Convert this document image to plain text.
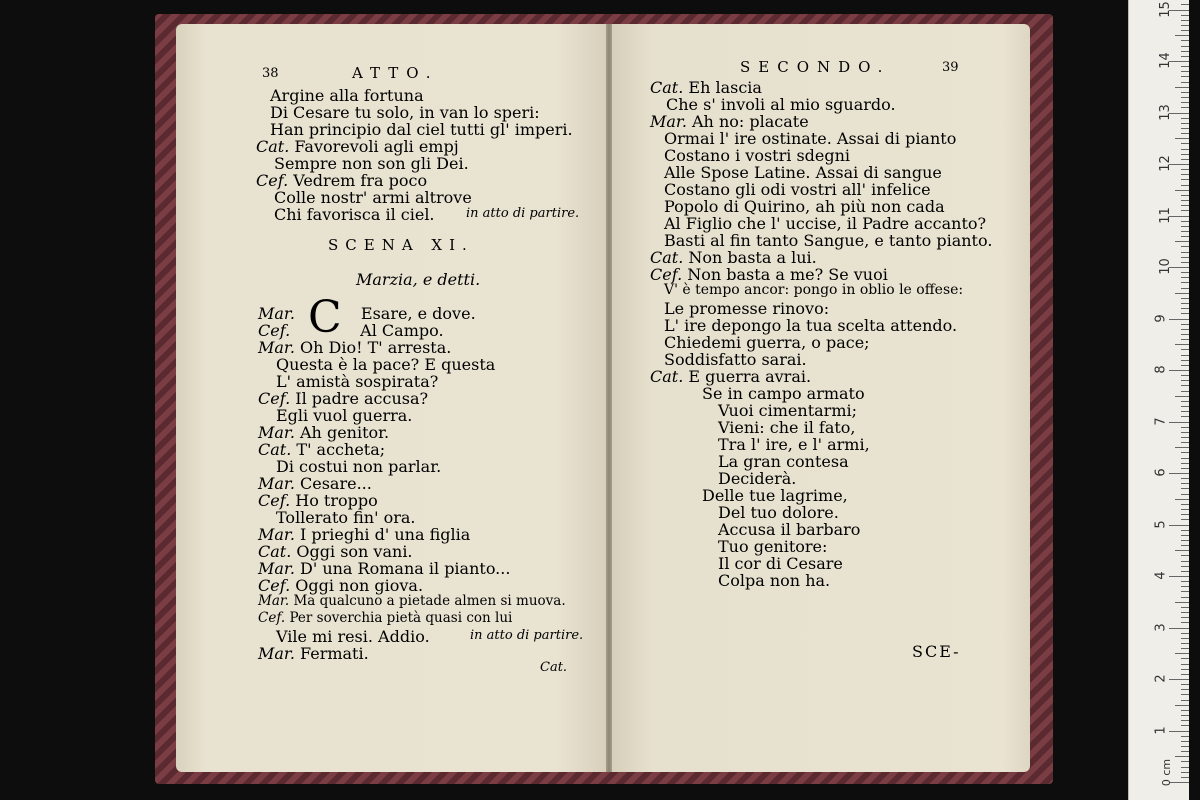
38	ATTO.
Argine alla fortuna
Di Cesare tu solo, in van lo speri:
Han principio dal ciel tutti gl' imperi.
Cat. Favorevoli agli empj
Sempre non son gli Dei.
Cef. Vedrem fra poco
Colle nostr' armi altrove
Chi favorisca il ciel. in atto di partire.
SCENA XI.
Marzia, e detti.
C
Mar.	Esare, e dove.
Cef.	Al Campo.
Mar. Oh Dio! T' arresta.
Questa è la pace? E questa
L' amistà sospirata?
Cef. Il padre accusa?
Egli vuol guerra.
Mar. Ah genitor.
Cat. T' accheta;
Di costui non parlar.
Mar. Cesare...
Cef. Ho troppo
Tollerato fin' ora.
Mar. I prieghi d' una figlia
Cat. Oggi son vani.
Mar. D' una Romana il pianto...
Cef. Oggi non giova.
Mar. Ma qualcuno a pietade almen si muova.
Cef. Per soverchia pietà quasi con lui
Vile mi resi. Addio.	in atto di partire.
Mar. Fermati.
Cat.
SECONDO.	39
Cat. Eh lascia
Che s' involi al mio sguardo.
Mar. Ah no: placate
Ormai l' ire ostinate. Assai di pianto
Costano i vostri sdegni
Alle Spose Latine. Assai di sangue
Costano gli odi vostri all' infelice
Popolo di Quirino, ah più non cada
Al Figlio che l' uccise, il Padre accanto?
Basti al fin tanto Sangue, e tanto pianto.
Cat. Non basta a lui.
Cef. Non basta a me? Se vuoi
V' è tempo ancor: pongo in oblio le offese:
Le promesse rinovo:
L' ire depongo la tua scelta attendo.
Chiedemi guerra, o pace;
Soddisfatto sarai.
Cat. E guerra avrai.
Se in campo armato
Vuoi cimentarmi;
Vieni: che il fato,
Tra l' ire, e l' armi,
La gran contesa
Deciderà.
Delle tue lagrime,
Del tuo dolore.
Accusa il barbaro
Tuo genitore:
Il cor di Cesare
Colpa non ha.
SCE-
1
2
3
4
5
6
7
8
9
10
11
12
13
14
15
0 cm
